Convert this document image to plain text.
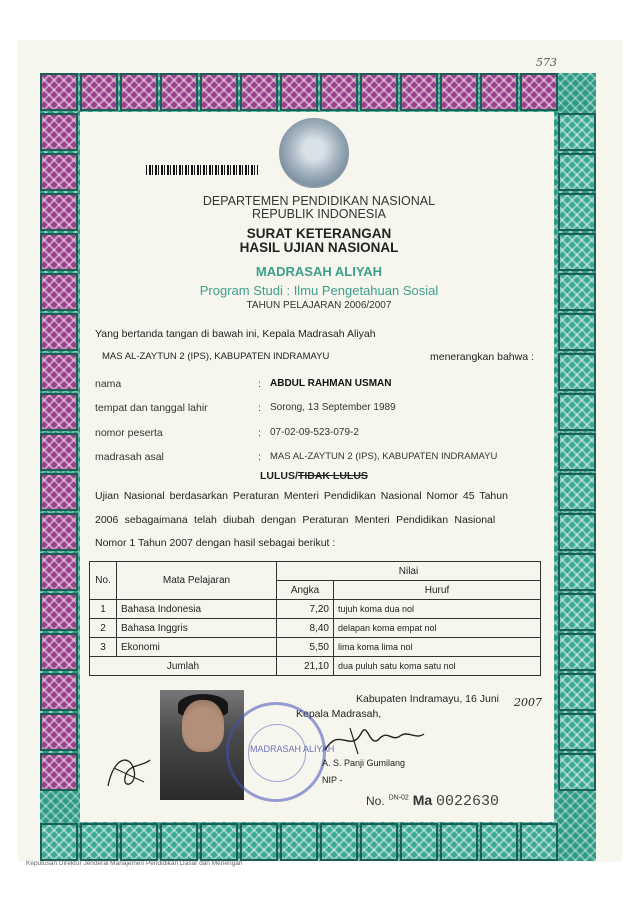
573
DEPARTEMEN PENDIDIKAN NASIONAL
REPUBLIK INDONESIA
SURAT KETERANGAN
HASIL UJIAN NASIONAL
MADRASAH ALIYAH
Program Studi : Ilmu Pengetahuan Sosial
TAHUN PELAJARAN 2006/2007
Yang bertanda tangan di bawah ini, Kepala Madrasah Aliyah
MAS AL-ZAYTUN 2 (IPS), KABUPATEN INDRAMAYU	menerangkan bahwa :
nama	: ABDUL RAHMAN USMAN
tempat dan tanggal lahir	: Sorong, 13 September 1989
nomor peserta	: 07-02-09-523-079-2
madrasah asal	: MAS AL-ZAYTUN 2 (IPS), KABUPATEN INDRAMAYU
LULUS/TIDAK LULUS
Ujian Nasional berdasarkan Peraturan Menteri Pendidikan Nasional Nomor 45 Tahun
2006 sebagaimana telah diubah dengan Peraturan Menteri Pendidikan Nasional
Nomor 1 Tahun 2007 dengan hasil sebagai berikut :
No.	Mata Pelajaran	Nilai	
		Angka	Huruf
1	Bahasa Indonesia	7,20	tujuh koma dua nol
2	Bahasa Inggris	8,40	delapan koma empat nol
3	Ekonomi	5,50	lima koma lima nol
Jumlah		21,10	dua puluh satu koma satu nol
Kabupaten Indramayu, 16 Juni 2007
Kepala Madrasah,
MADRASAH ALIYAH
A. S. Panji Gumilang
NIP -
No. $^{DN-02}$ Ma 0022630
Keputusan Direktur Jenderal Manajemen Pendidikan Dasar dan Menengah
